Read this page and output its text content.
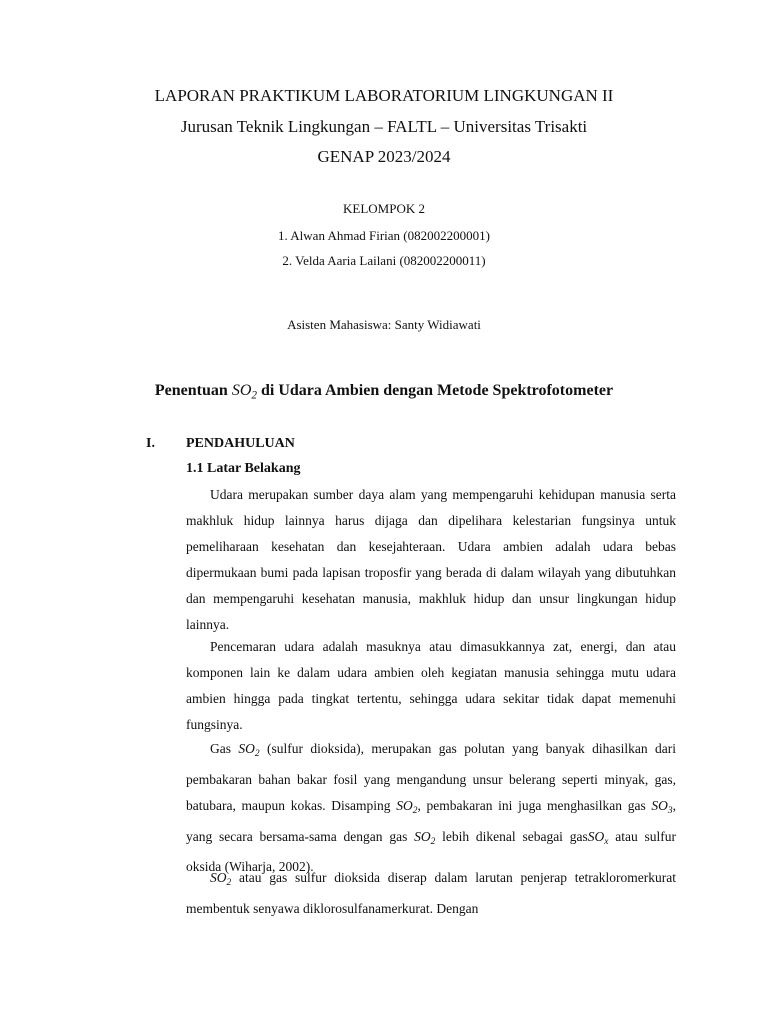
LAPORAN PRAKTIKUM LABORATORIUM LINGKUNGAN II
Jurusan Teknik Lingkungan – FALTL – Universitas Trisakti
GENAP 2023/2024
KELOMPOK 2
1. Alwan Ahmad Firian (082002200001)
2. Velda Aaria Lailani (082002200011)
Asisten Mahasiswa: Santy Widiawati
Penentuan $SO_2$ di Udara Ambien dengan Metode Spektrofotometer
I. PENDAHULUAN
1.1 Latar Belakang

Udara merupakan sumber daya alam yang mempengaruhi kehidupan manusia serta makhluk hidup lainnya harus dijaga dan dipelihara kelestarian fungsinya untuk pemeliharaan kesehatan dan kesejahteraan. Udara ambien adalah udara bebas dipermukaan bumi pada lapisan troposfir yang berada di dalam wilayah yang dibutuhkan dan mempengaruhi kesehatan manusia, makhluk hidup dan unsur lingkungan hidup lainnya.

Pencemaran udara adalah masuknya atau dimasukkannya zat, energi, dan atau komponen lain ke dalam udara ambien oleh kegiatan manusia sehingga mutu udara ambien hingga pada tingkat tertentu, sehingga udara sekitar tidak dapat memenuhi fungsinya.

Gas $SO_2$ (sulfur dioksida), merupakan gas polutan yang banyak dihasilkan dari pembakaran bahan bakar fosil yang mengandung unsur belerang seperti minyak, gas, batubara, maupun kokas. Disamping $SO_2$, pembakaran ini juga menghasilkan gas $SO_3$, yang secara bersama-sama dengan gas $SO_2$ lebih dikenal sebagai gasSO$_x$ atau sulfur oksida (Wiharja, 2002).

$SO_2$ atau gas sulfur dioksida diserap dalam larutan penjerap tetrakloromerkurat membentuk senyawa diklorosulfanamerkurat. Dengan
